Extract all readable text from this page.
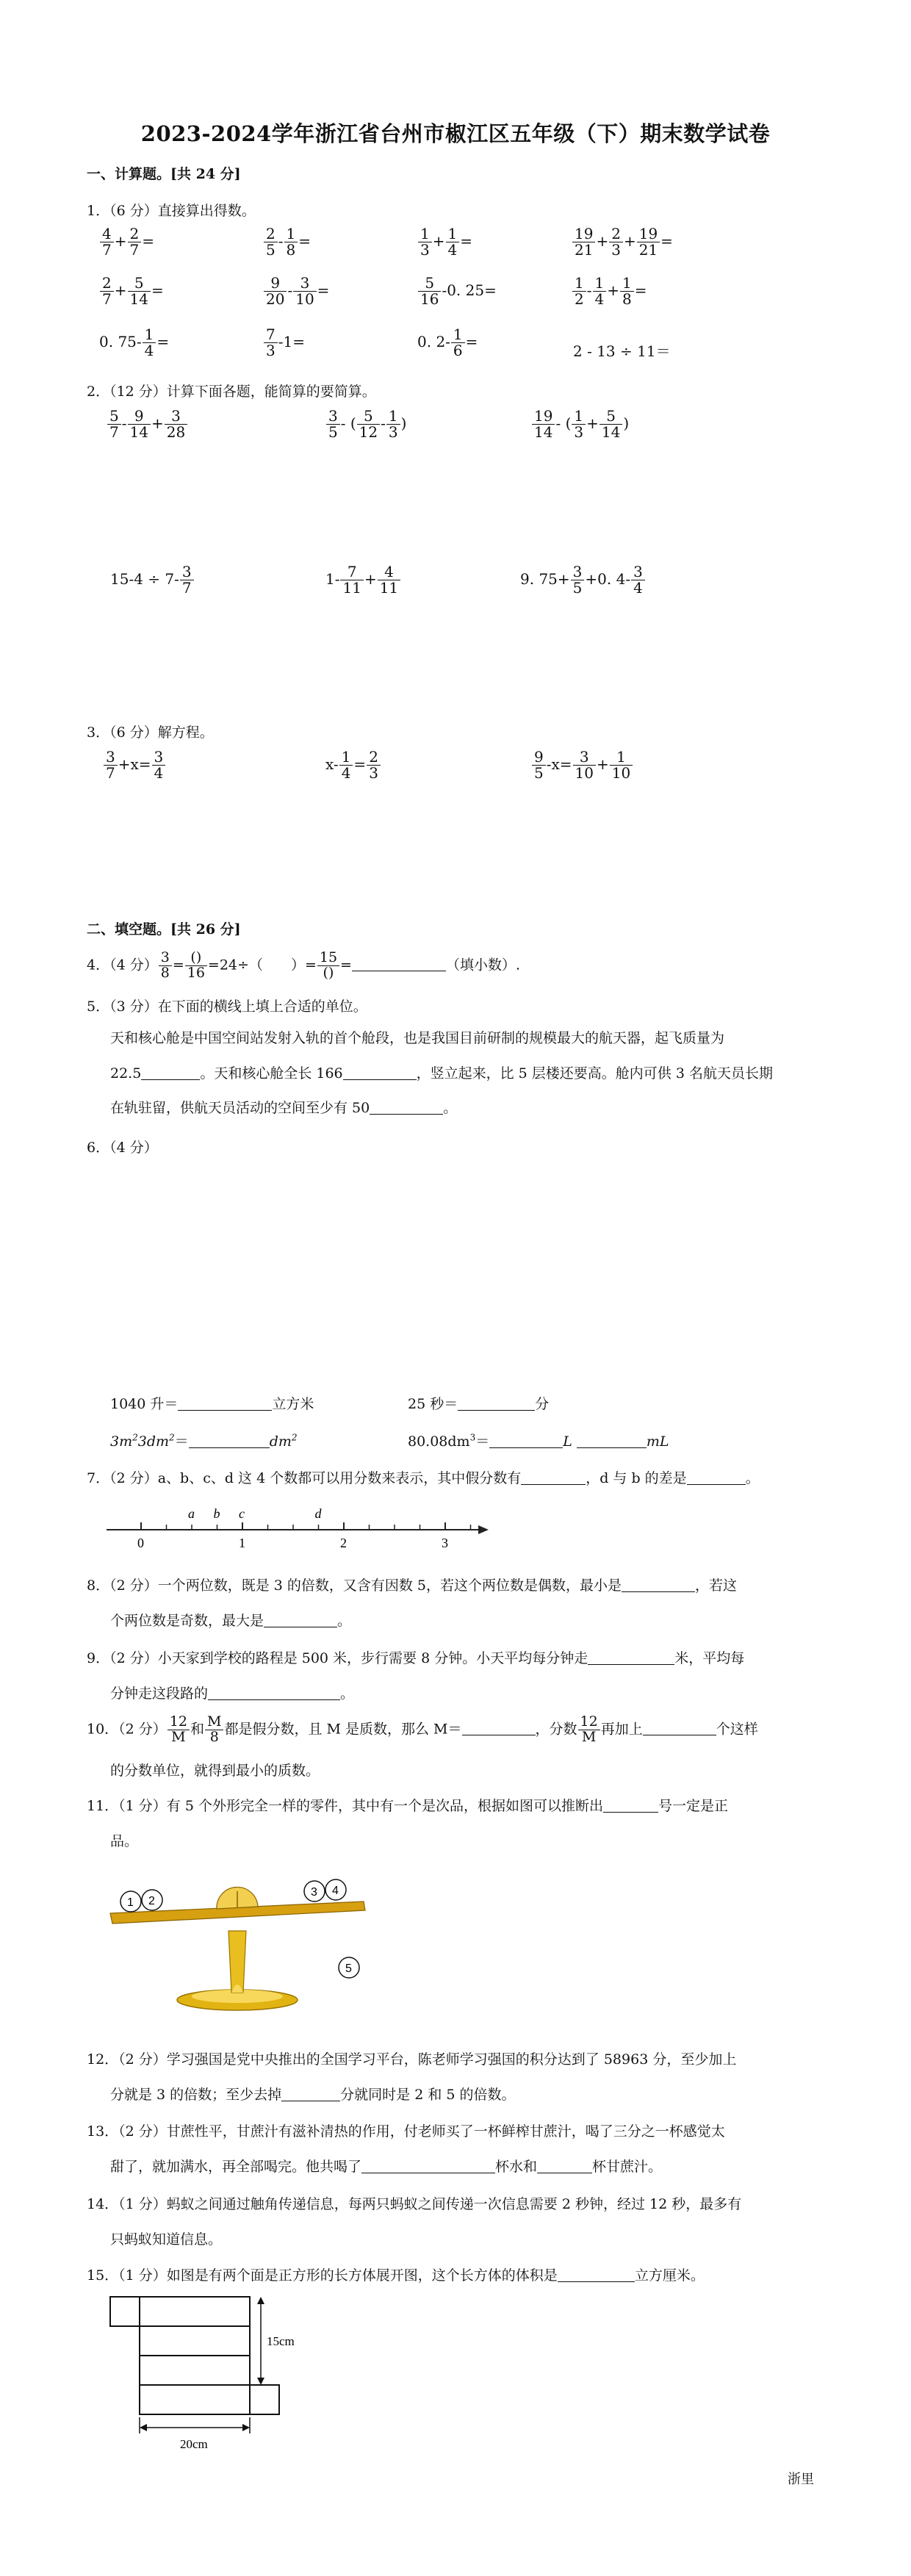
2023-2024学年浙江省台州市椒江区五年级（下）期末数学试卷
一、计算题。[共 24 分]
1．（6 分）直接算出得数。
$\frac{4}{7} + \frac{2}{7}$ =	$\frac{2}{5} - \frac{1}{8}$ =	$\frac{1}{3} + \frac{1}{4}$ =	$\frac{19}{21} + \frac{2}{3} + \frac{19}{21}$ =
$\frac{2}{7} + \frac{5}{14}$ =	$\frac{9}{20} - \frac{3}{10}$ =	$\frac{5}{16} -0$. 25=	$\frac{1}{2} - \frac{1}{4} + \frac{1}{8}$ =
0. $75- \frac{1}{4}$ =	$\frac{7}{3} -1=$	0. $2- \frac{1}{6}$ =
2 - 13 ÷ 11＝
2．（12 分）计算下面各题，能简算的要简算。
$\frac{5}{7} - \frac{9}{14} + \frac{3}{28}$	$\frac{3}{5}$ - ( $\frac{5}{12} - \frac{1}{3}$ )	$\frac{19}{14}$ - ( $\frac{1}{3} + \frac{5}{14}$ )
$15-4 \div 7- \frac{3}{7}$	$1- \frac{7}{11} + \frac{4}{11}$	9. $75+ \frac{3}{5} +0$. $4- \frac{3}{4}$
3．（6 分）解方程。
$\frac{3}{7} +x= \frac{3}{4}$	$x- \frac{1}{4} = \frac{2}{3}$	$\frac{9}{5} -x= \frac{3}{10} + \frac{1}{10}$
二、填空题。[共 26 分]
4．（4 分） $\frac{3}{8} = \frac{()}{16} =24\div$（　　）= $\frac{15}{()}$ =	（填小数）.
5．（3 分）在下面的横线上填上合适的单位。
天和核心舱是中国空间站发射入轨的首个舱段，也是我国目前研制的规模最大的航天器，起飞质量为
22.5	。天和核心舱全长 166	，竖立起来，比 5 层楼还要高。舱内可供 3 名航天员长期
在轨驻留，供航天员活动的空间至少有 50	。
6．（4 分）
1040 升＝	立方米	25 秒＝	分
$3m^23dm^2=$	$dm^2$	$80.08dm^3=$	L	mL
7．（2 分）a、b、c、d 这 4 个数都可以用分数来表示，其中假分数有	，d 与 b 的差是	。
0	1	2	3
a b c	d
8．（2 分）一个两位数，既是 3 的倍数，又含有因数 5，若这个两位数是偶数，最小是	，若这
个两位数是奇数，最大是	。
9．（2 分）小天家到学校的路程是 500 米，步行需要 8 分钟。小天平均每分钟走	米，平均每
分钟走这段路的	。
10．（2 分） $\frac{12}{M}$ 和 $\frac{M}{8}$ 都是假分数，且 M 是质数，那么 M＝	，分数 $\frac{12}{M}$ 再加上	个这样
的分数单位，就得到最小的质数。
11．（1 分）有 5 个外形完全一样的零件，其中有一个是次品，根据如图可以推断出	号一定是正
品。
1 2
3 4
5
12．（2 分）学习强国是党中央推出的全国学习平台，陈老师学习强国的积分达到了 58963 分，至少加上
分就是 3 的倍数；至少去掉	分就同时是 2 和 5 的倍数。
13．（2 分）甘蔗性平，甘蔗汁有滋补清热的作用，付老师买了一杯鲜榨甘蔗汁，喝了三分之一杯感觉太
甜了，就加满水，再全部喝完。他共喝了	杯水和	杯甘蔗汁。
14．（1 分）蚂蚁之间通过触角传递信息，每两只蚂蚁之间传递一次信息需要 2 秒钟，经过 12 秒，最多有
只蚂蚁知道信息。
15．（1 分）如图是有两个面是正方形的长方体展开图，这个长方体的体积是	立方厘米。
15cm
20cm
浙里
